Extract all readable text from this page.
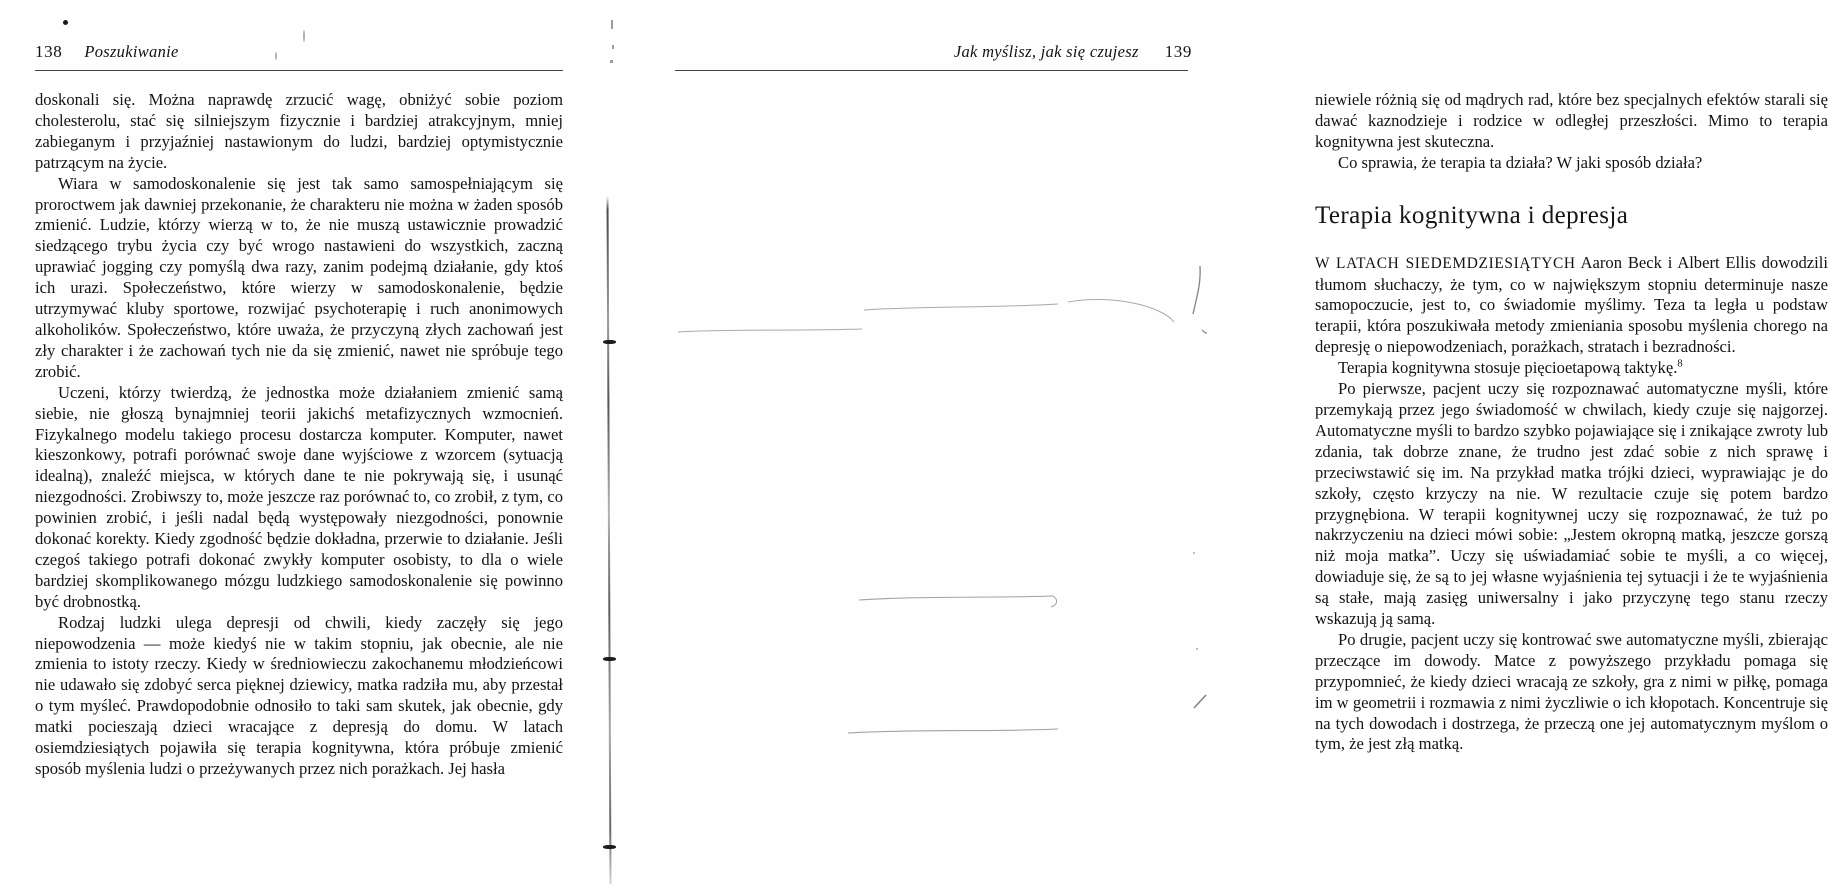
138 Poszukiwanie

doskonali się. Można naprawdę zrzucić wagę, obniżyć sobie poziom cholesterolu, stać się silniejszym fizycznie i bardziej atrakcyjnym, mniej zabieganym i przyjaźniej nastawionym do ludzi, bardziej optymistycznie patrzącym na życie.

Wiara w samodoskonalenie się jest tak samo samospełniającym się proroctwem jak dawniej przekonanie, że charakteru nie można w żaden sposób zmienić. Ludzie, którzy wierzą w to, że nie muszą ustawicznie prowadzić siedzącego trybu życia czy być wrogo nastawieni do wszystkich, zaczną uprawiać jogging czy pomyślą dwa razy, zanim podejmą działanie, gdy ktoś ich urazi. Społeczeństwo, które wierzy w samodoskonalenie, będzie utrzymywać kluby sportowe, rozwijać psychoterapię i ruch anonimowych alkoholików. Społeczeństwo, które uważa, że przyczyną złych zachowań jest zły charakter i że zachowań tych nie da się zmienić, nawet nie spróbuje tego zrobić.

Uczeni, którzy twierdzą, że jednostka może działaniem zmienić samą siebie, nie głoszą bynajmniej teorii jakichś metafizycznych wzmocnień. Fizykalnego modelu takiego procesu dostarcza komputer. Komputer, nawet kieszonkowy, potrafi porównać swoje dane wyjściowe z wzorcem (sytuacją idealną), znaleźć miejsca, w których dane te nie pokrywają się, i usunąć niezgodności. Zrobiwszy to, może jeszcze raz porównać to, co zrobił, z tym, co powinien zrobić, i jeśli nadal będą występowały niezgodności, ponownie dokonać korekty. Kiedy zgodność będzie dokładna, przerwie to działanie. Jeśli czegoś takiego potrafi dokonać zwykły komputer osobisty, to dla o wiele bardziej skomplikowanego mózgu ludzkiego samodoskonalenie się powinno być drobnostką.

Rodzaj ludzki ulega depresji od chwili, kiedy zaczęły się jego niepowodzenia — może kiedyś nie w takim stopniu, jak obecnie, ale nie zmienia to istoty rzeczy. Kiedy w średniowieczu zakochanemu młodzieńcowi nie udawało się zdobyć serca pięknej dziewicy, matka radziła mu, aby przestał o tym myśleć. Prawdopodobnie odnosiło to taki sam skutek, jak obecnie, gdy matki pocieszają dzieci wracające z depresją do domu. W latach osiemdziesiątych pojawiła się terapia kognitywna, która próbuje zmienić sposób myślenia ludzi o przeżywanych przez nich porażkach. Jej hasła

Jak myślisz, jak się czujesz 139

niewiele różnią się od mądrych rad, które bez specjalnych efektów starali się dawać kaznodzieje i rodzice w odległej przeszłości. Mimo to terapia kognitywna jest skuteczna.

Co sprawia, że terapia ta działa? W jaki sposób działa?

Terapia kognitywna i depresja

W LATACH SIEDEMDZIESIĄTYCH Aaron Beck i Albert Ellis dowodzili tłumom słuchaczy, że tym, co w największym stopniu determinuje nasze samopoczucie, jest to, co świadomie myślimy. Teza ta legła u podstaw terapii, która poszukiwała metody zmieniania sposobu myślenia chorego na depresję o niepowodzeniach, porażkach, stratach i bezradności.

Terapia kognitywna stosuje pięcioetapową taktykę.$^8$

Po pierwsze, pacjent uczy się rozpoznawać automatyczne myśli, które przemykają przez jego świadomość w chwilach, kiedy czuje się najgorzej. Automatyczne myśli to bardzo szybko pojawiające się i znikające zwroty lub zdania, tak dobrze znane, że trudno jest zdać sobie z nich sprawę i przeciwstawić się im. Na przykład matka trójki dzieci, wyprawiając je do szkoły, często krzyczy na nie. W rezultacie czuje się potem bardzo przygnębiona. W terapii kognitywnej uczy się rozpoznawać, że tuż po nakrzyczeniu na dzieci mówi sobie: „Jestem okropną matką, jeszcze gorszą niż moja matka”. Uczy się uświadamiać sobie te myśli, a co więcej, dowiaduje się, że są to jej własne wyjaśnienia tej sytuacji i że te wyjaśnienia są stałe, mają zasięg uniwersalny i jako przyczynę tego stanu rzeczy wskazują ją samą.

Po drugie, pacjent uczy się kontrować swe automatyczne myśli, zbierając przeczące im dowody. Matce z powyższego przykładu pomaga się przypomnieć, że kiedy dzieci wracają ze szkoły, gra z nimi w piłkę, pomaga im w geometrii i rozmawia z nimi życzliwie o ich kłopotach. Koncentruje się na tych dowodach i dostrzega, że przeczą one jej automatycznym myślom o tym, że jest złą matką.
